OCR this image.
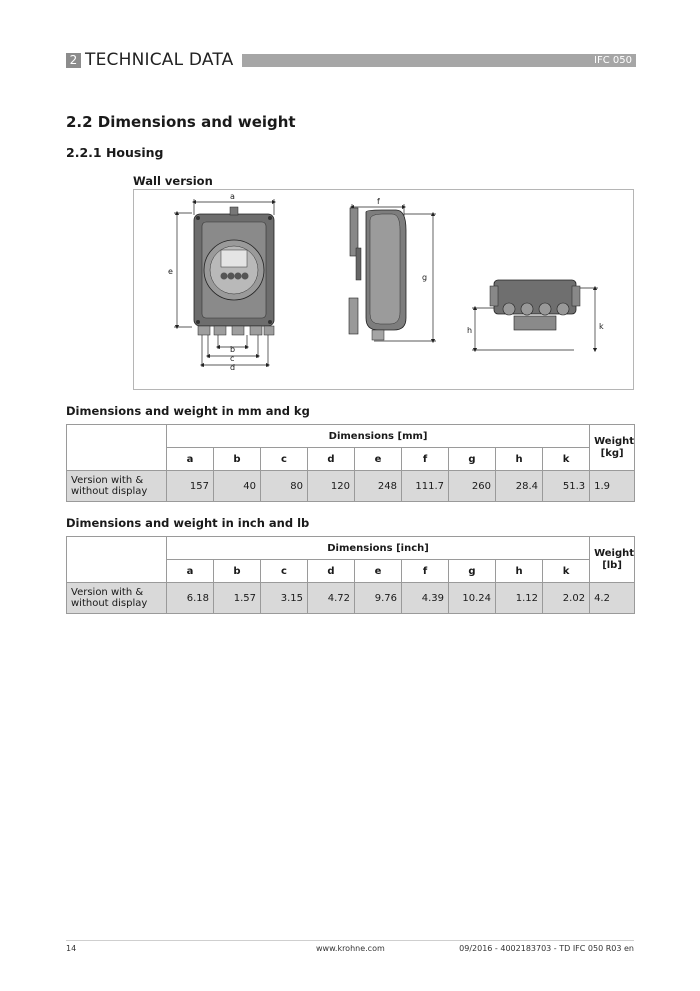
2 TECHNICAL DATA	IFC 050
2.2 Dimensions and weight
2.2.1 Housing
Wall version
a
b
c
d
e
f
g
h	k
Dimensions and weight in mm and kg
	Dimensions [mm]									Weight
[kg]
	a	b	c	d	e	f	g	h	k	
Version with &
without display	157	40	80	120	248	111.7	260	28.4	51.3	1.9
Dimensions and weight in inch and lb
	Dimensions [inch]									Weight
[lb]
	a	b	c	d	e	f	g	h	k	
Version with &
without display	6.18	1.57	3.15	4.72	9.76	4.39	10.24	1.12	2.02	4.2
14	www.krohne.com	09/2016 - 4002183703 - TD IFC 050 R03 en
